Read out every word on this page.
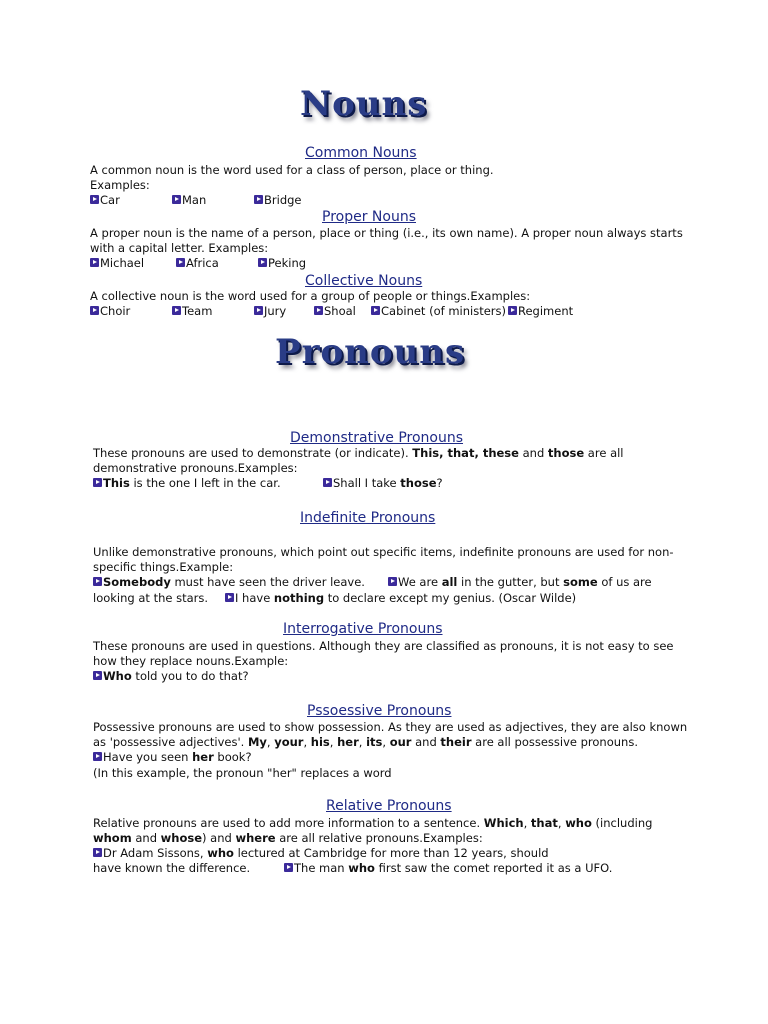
Nouns
Common Nouns
A common noun is the word used for a class of person, place or thing.
Examples:
Car	Man	Bridge
Proper Nouns
A proper noun is the name of a person, place or thing (i.e., its own name). A proper noun always starts
with a capital letter. Examples:
Michael	Africa	Peking
Collective Nouns
A collective noun is the word used for a group of people or things.Examples:
Choir	Team	Jury	Shoal	Cabinet (of ministers)	Regiment
Pronouns
Demonstrative Pronouns
These pronouns are used to demonstrate (or indicate). This, that, these and those are all
demonstrative pronouns.Examples:
This is the one I left in the car.	Shall I take those?
Indefinite Pronouns
Unlike demonstrative pronouns, which point out specific items, indefinite pronouns are used for non-
specific things.Example:
Somebody must have seen the driver leave.	We are all in the gutter, but some of us are
looking at the stars.	I have nothing to declare except my genius. (Oscar Wilde)
Interrogative Pronouns
These pronouns are used in questions. Although they are classified as pronouns, it is not easy to see
how they replace nouns.Example:
Who told you to do that?
Pssoessive Pronouns
Possessive pronouns are used to show possession. As they are used as adjectives, they are also known
as 'possessive adjectives'. My, your, his, her, its, our and their are all possessive pronouns.
Have you seen her book?
(In this example, the pronoun "her" replaces a word
Relative Pronouns
Relative pronouns are used to add more information to a sentence. Which, that, who (including
whom and whose) and where are all relative pronouns.Examples:
Dr Adam Sissons, who lectured at Cambridge for more than 12 years, should
have known the difference.	The man who first saw the comet reported it as a UFO.
